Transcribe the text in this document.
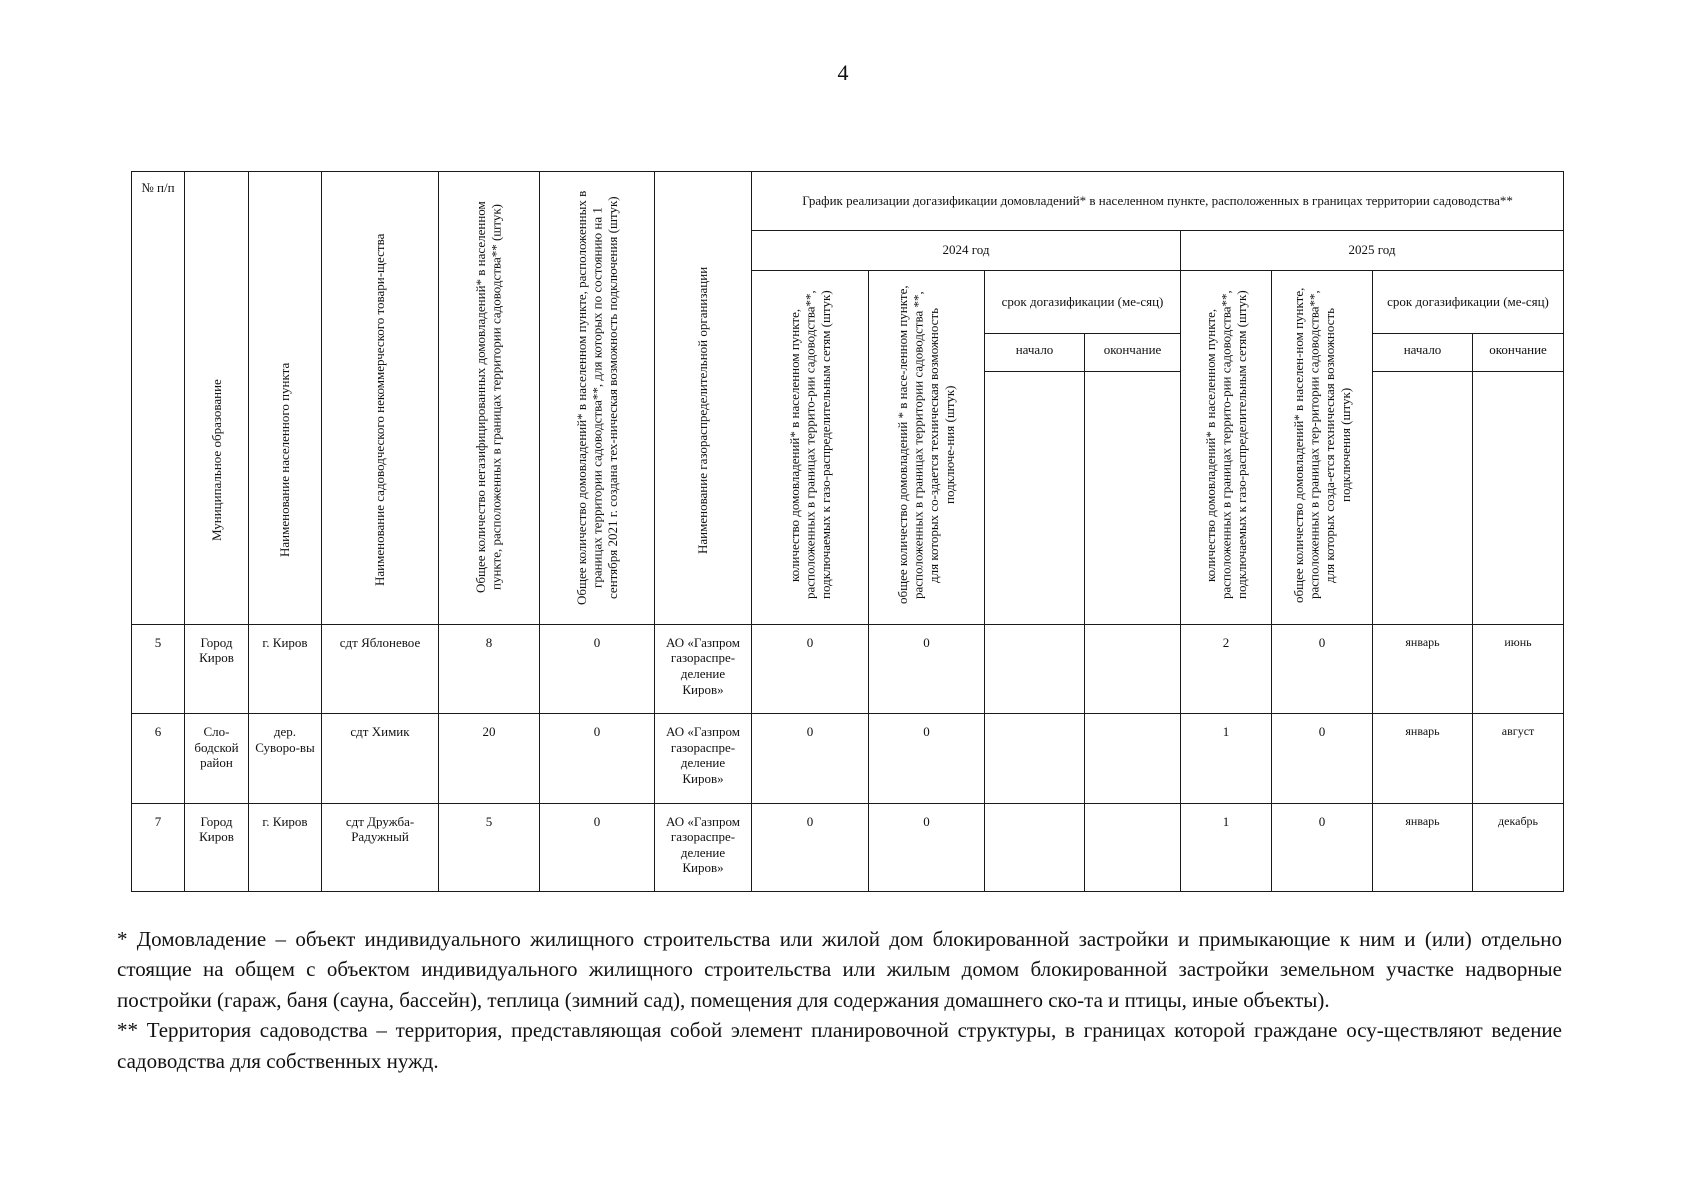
4
№ п/п	Муниципальное образование	Наименование населенного пункта	Наименование садоводческого некоммерческого товари-щества	Общее количество негазифицированных домовладений* в населенном пункте, расположенных в границах территории садоводства** (штук)	Общее количество домовладений* в населенном пункте, расположенных в границах территории садоводства**, для которых по состоянию на 1 сентября 2021 г. создана тех-ническая возможность подключения (штук)	Наименование газораспределительной организации	График реализации догазификации домовладений* в населенном пункте, расположенных в границах территории садоводства**							
							2024 год				2025 год			
							количество домовладений* в населенном пункте, расположенных в границах террито-рии садоводства**, подключаемых к газо-распределительным сетям (штук)	общее количество домовладений * в насе-ленном пункте, расположенных в границах территории садоводства **, для которых со-здается техническая возможность подключе-ния (штук)	срок догазификации (ме-сяц)		количество домовладений* в населенном пункте, расположенных в границах террито-рии садоводства**, подключаемых к газо-распределительным сетям (штук)	общее количество домовладений* в населен-ном пункте, расположенных в границах тер-ритории садоводства**, для которых созда-ется техническая возможность подключения (штук)	срок догазификации (ме-сяц)	
									начало	окончание			начало	окончание

5	Город Киров	г. Киров	сдт Яблоневое	8	0	АО «Газпром газораспре-деление Киров»	0	0			2	0	январь	июнь
6	Сло-бодской район	дер. Суворо-вы	сдт Химик	20	0	АО «Газпром газораспре-деление Киров»	0	0			1	0	январь	август
7	Город Киров	г. Киров	сдт Дружба-Радужный	5	0	АО «Газпром газораспре-деление Киров»	0	0			1	0	январь	декабрь

* Домовладение – объект индивидуального жилищного строительства или жилой дом блокированной застройки и примыкающие к ним и (или) отдельно стоящие на общем с объектом индивидуального жилищного строительства или жилым домом блокированной застройки земельном участке надворные постройки (гараж, баня (сауна, бассейн), теплица (зимний сад), помещения для содержания домашнего ско-та и птицы, иные объекты).

** Территория садоводства – территория, представляющая собой элемент планировочной структуры, в границах которой граждане осу-ществляют ведение садоводства для собственных нужд.
